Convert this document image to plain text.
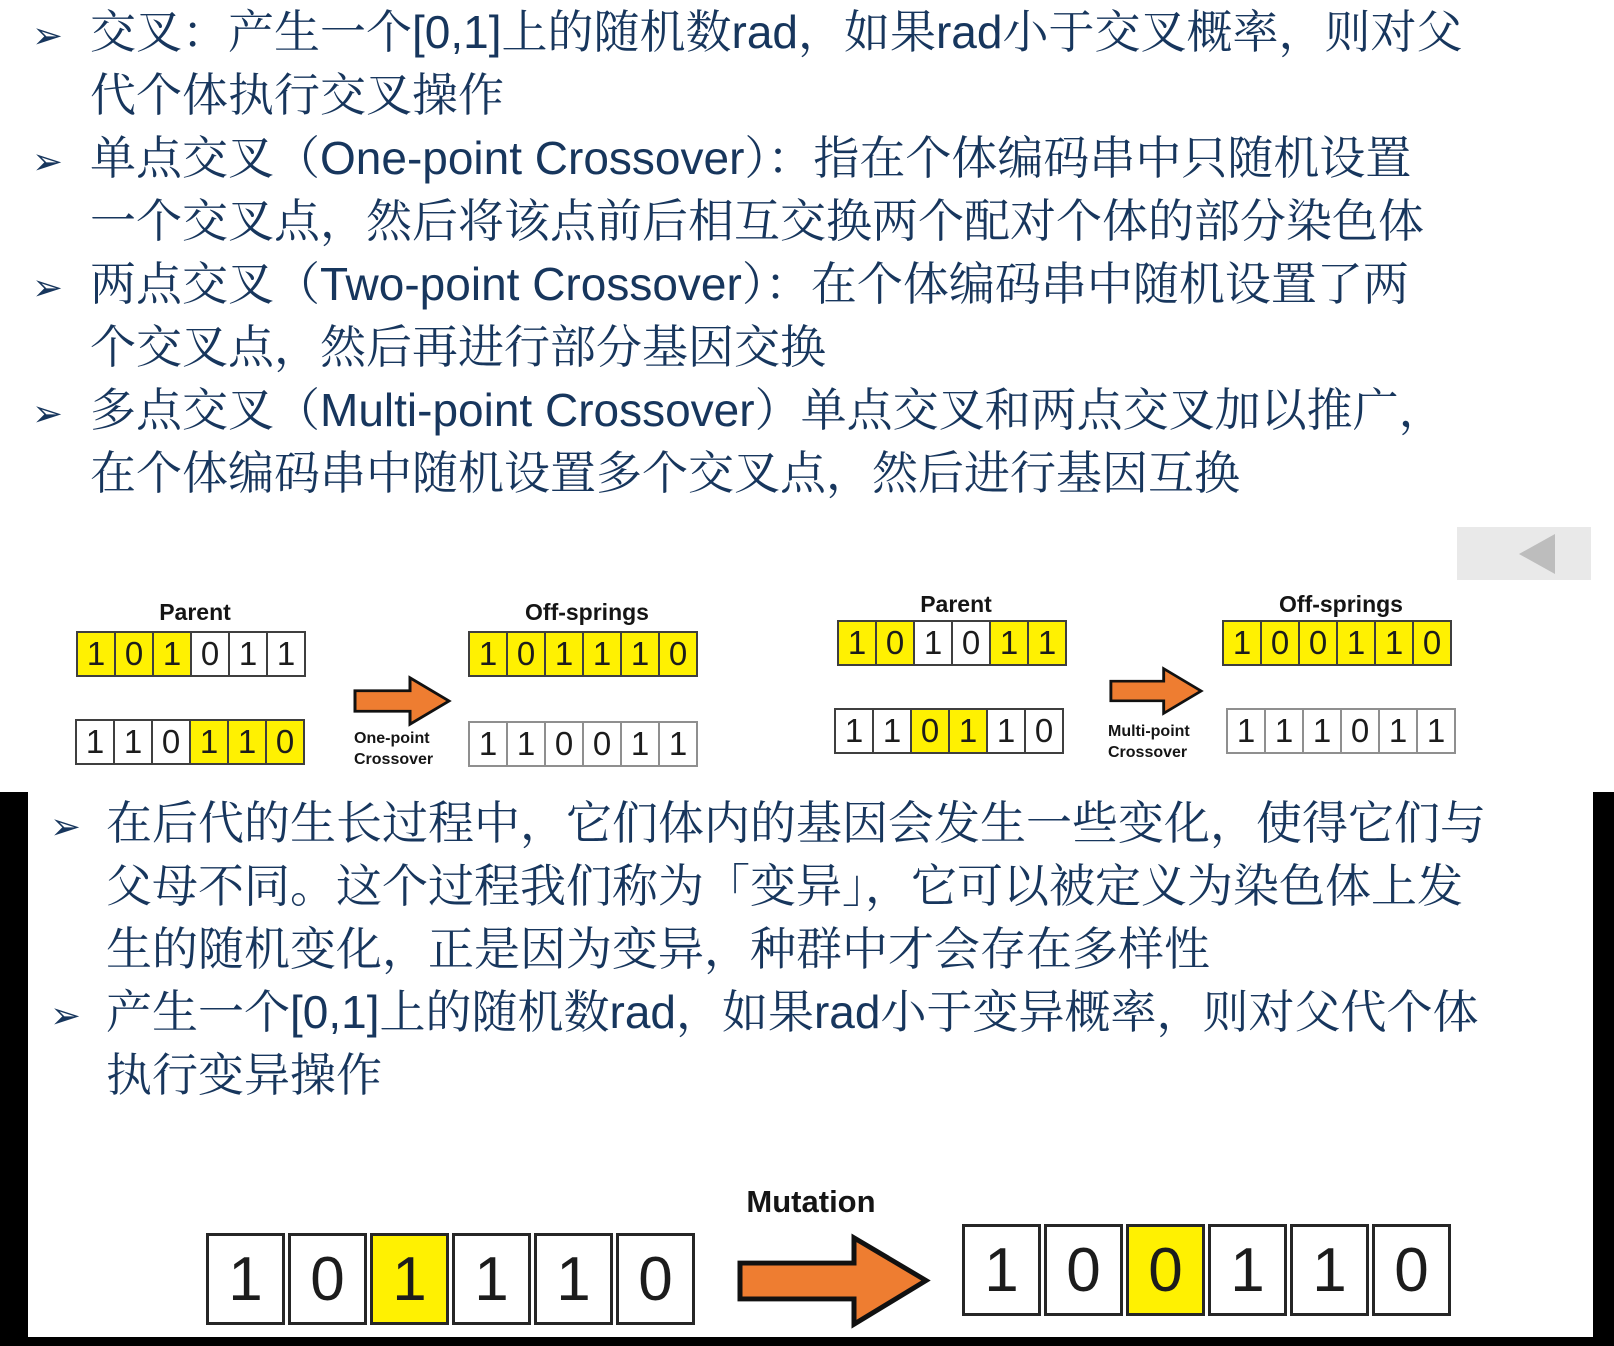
➢ 交叉：产生一个[0,1]上的随机数rad，如果rad小于交叉概率，则对父
代个体执行交叉操作
➢ 单点交叉（One-point Crossover）：指在个体编码串中只随机设置
一个交叉点，然后将该点前后相互交换两个配对个体的部分染色体
➢ 两点交叉（Two-point Crossover）：在个体编码串中随机设置了两
个交叉点，然后再进行部分基因交换
➢ 多点交叉（Multi-point Crossover）单点交叉和两点交叉加以推广，
在个体编码串中随机设置多个交叉点，然后进行基因互换
Parent
1 0 1 0 1 1
1 1 0 1 1 0	One-point
Crossover
Off-springs
1 0 1 1 1 0
1 1 0 0 1 1
Parent
1 0 1 0 1 1
1 1 0 1 1 0	Multi-point
Crossover
Off-springs
1 0 0 1 1 0
1 1 1 0 1 1
➢ 在后代的生长过程中，它们体内的基因会发生一些变化，使得它们与
父母不同。这个过程我们称为「变异」，它可以被定义为染色体上发
生的随机变化，正是因为变异，种群中才会存在多样性
➢ 产生一个[0,1]上的随机数rad，如果rad小于变异概率，则对父代个体
执行变异操作
Mutation
1 0 1 1 1 0	1 0 0 1 1 0
